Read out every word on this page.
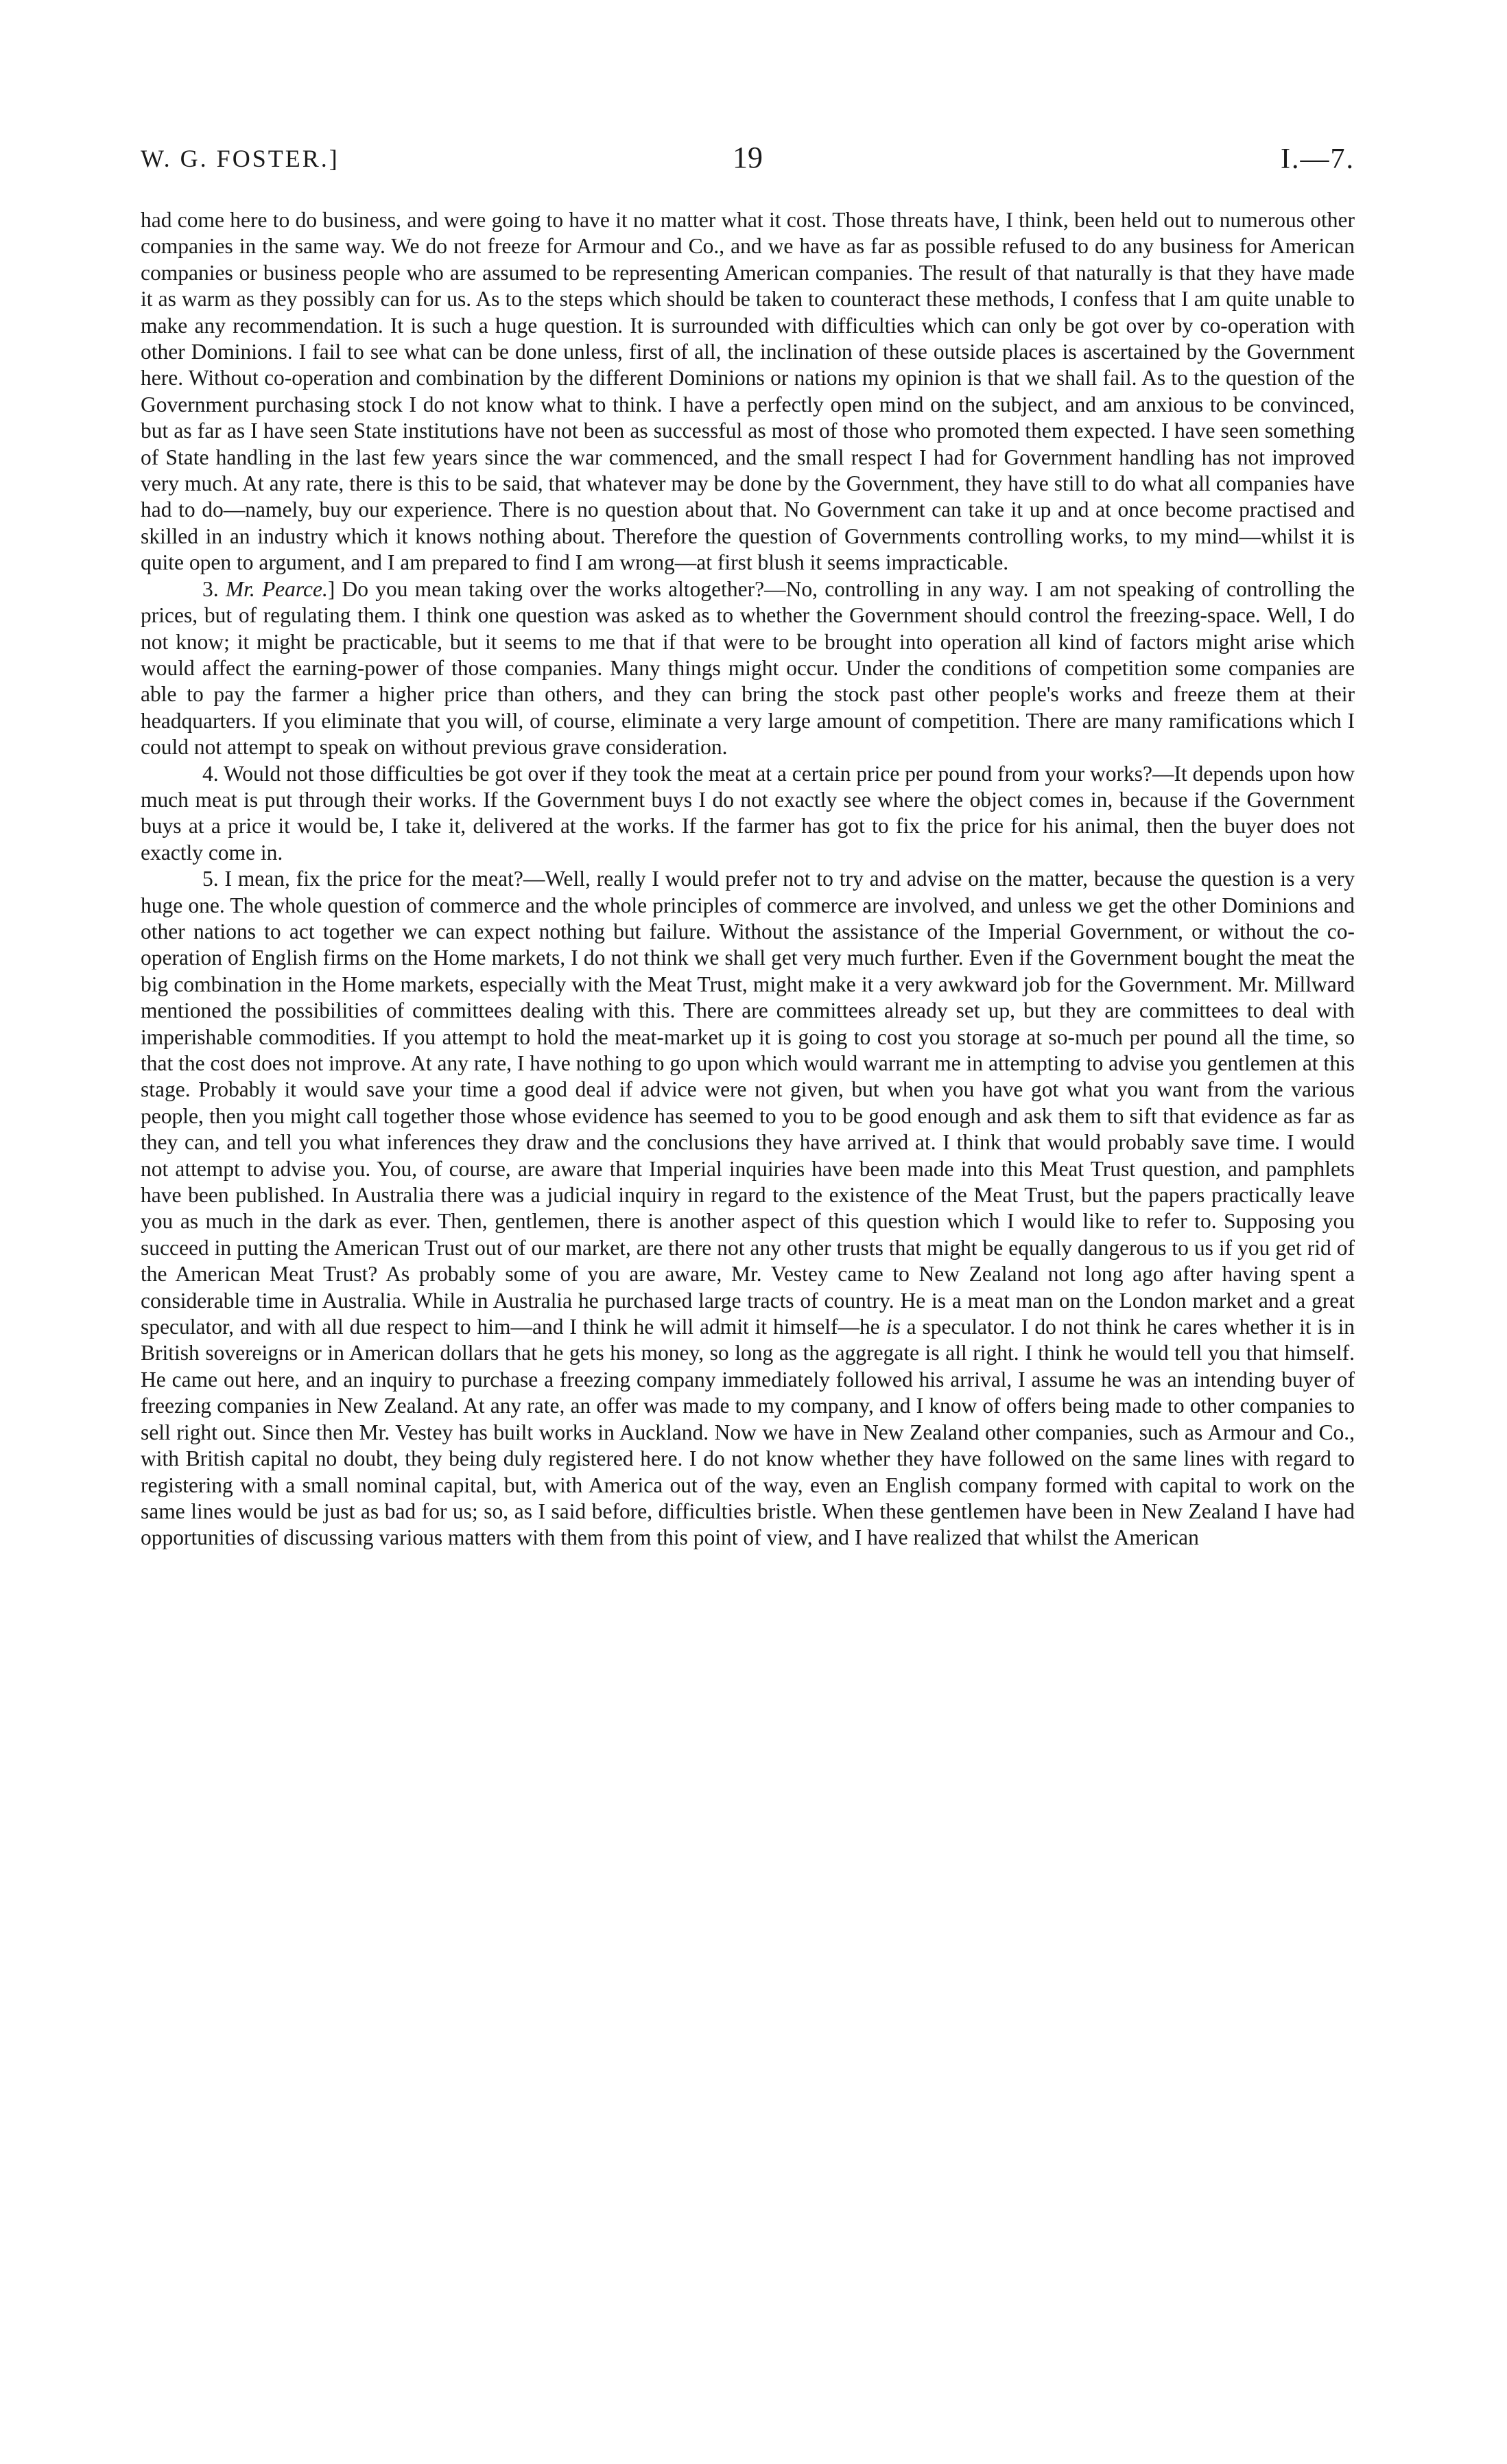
W. G. FOSTER.]	19	I.—7.

had come here to do business, and were going to have it no matter what it cost. Those threats have, I think, been held out to numerous other companies in the same way. We do not freeze for Armour and Co., and we have as far as possible refused to do any business for American companies or business people who are assumed to be representing American companies. The result of that naturally is that they have made it as warm as they possibly can for us. As to the steps which should be taken to counteract these methods, I confess that I am quite unable to make any recommendation. It is such a huge question. It is surrounded with difficulties which can only be got over by co-operation with other Dominions. I fail to see what can be done unless, first of all, the inclination of these outside places is ascertained by the Government here. Without co-operation and combination by the different Dominions or nations my opinion is that we shall fail. As to the question of the Government purchasing stock I do not know what to think. I have a perfectly open mind on the subject, and am anxious to be convinced, but as far as I have seen State institutions have not been as successful as most of those who promoted them expected. I have seen something of State handling in the last few years since the war commenced, and the small respect I had for Government handling has not improved very much. At any rate, there is this to be said, that whatever may be done by the Government, they have still to do what all companies have had to do—namely, buy our experience. There is no question about that. No Government can take it up and at once become practised and skilled in an industry which it knows nothing about. Therefore the question of Governments controlling works, to my mind—whilst it is quite open to argument, and I am prepared to find I am wrong—at first blush it seems impracticable.

3. Mr. Pearce.] Do you mean taking over the works altogether?—No, controlling in any way. I am not speaking of controlling the prices, but of regulating them. I think one question was asked as to whether the Government should control the freezing-space. Well, I do not know; it might be practicable, but it seems to me that if that were to be brought into operation all kind of factors might arise which would affect the earning-power of those companies. Many things might occur. Under the conditions of competition some companies are able to pay the farmer a higher price than others, and they can bring the stock past other people's works and freeze them at their headquarters. If you eliminate that you will, of course, eliminate a very large amount of competition. There are many ramifications which I could not attempt to speak on without previous grave consideration.

4. Would not those difficulties be got over if they took the meat at a certain price per pound from your works?—It depends upon how much meat is put through their works. If the Government buys I do not exactly see where the object comes in, because if the Government buys at a price it would be, I take it, delivered at the works. If the farmer has got to fix the price for his animal, then the buyer does not exactly come in.

5. I mean, fix the price for the meat?—Well, really I would prefer not to try and advise on the matter, because the question is a very huge one. The whole question of commerce and the whole principles of commerce are involved, and unless we get the other Dominions and other nations to act together we can expect nothing but failure. Without the assistance of the Imperial Government, or without the co-operation of English firms on the Home markets, I do not think we shall get very much further. Even if the Government bought the meat the big combination in the Home markets, especially with the Meat Trust, might make it a very awkward job for the Government. Mr. Millward mentioned the possibilities of committees dealing with this. There are committees already set up, but they are committees to deal with imperishable commodities. If you attempt to hold the meat-market up it is going to cost you storage at so-much per pound all the time, so that the cost does not improve. At any rate, I have nothing to go upon which would warrant me in attempting to advise you gentlemen at this stage. Probably it would save your time a good deal if advice were not given, but when you have got what you want from the various people, then you might call together those whose evidence has seemed to you to be good enough and ask them to sift that evidence as far as they can, and tell you what inferences they draw and the conclusions they have arrived at. I think that would probably save time. I would not attempt to advise you. You, of course, are aware that Imperial inquiries have been made into this Meat Trust question, and pamphlets have been published. In Australia there was a judicial inquiry in regard to the existence of the Meat Trust, but the papers practically leave you as much in the dark as ever. Then, gentlemen, there is another aspect of this question which I would like to refer to. Supposing you succeed in putting the American Trust out of our market, are there not any other trusts that might be equally dangerous to us if you get rid of the American Meat Trust? As probably some of you are aware, Mr. Vestey came to New Zealand not long ago after having spent a considerable time in Australia. While in Australia he purchased large tracts of country. He is a meat man on the London market and a great speculator, and with all due respect to him—and I think he will admit it himself—he is a speculator. I do not think he cares whether it is in British sovereigns or in American dollars that he gets his money, so long as the aggregate is all right. I think he would tell you that himself. He came out here, and an inquiry to purchase a freezing company immediately followed his arrival, I assume he was an intending buyer of freezing companies in New Zealand. At any rate, an offer was made to my company, and I know of offers being made to other companies to sell right out. Since then Mr. Vestey has built works in Auckland. Now we have in New Zealand other companies, such as Armour and Co., with British capital no doubt, they being duly registered here. I do not know whether they have followed on the same lines with regard to registering with a small nominal capital, but, with America out of the way, even an English company formed with capital to work on the same lines would be just as bad for us; so, as I said before, difficulties bristle. When these gentlemen have been in New Zealand I have had opportunities of discussing various matters with them from this point of view, and I have realized that whilst the American
